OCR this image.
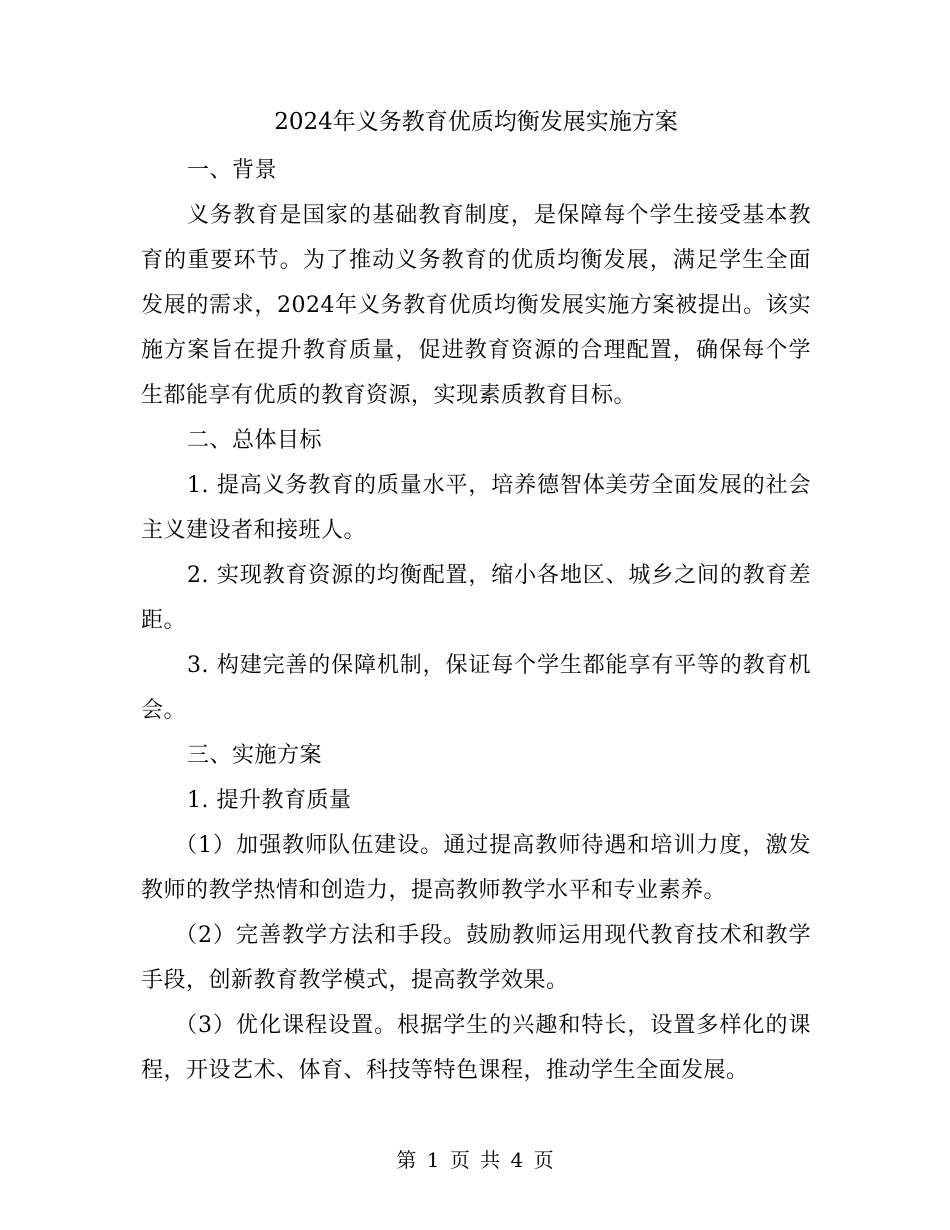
2024年义务教育优质均衡发展实施方案

一、背景

义务教育是国家的基础教育制度，是保障每个学生接受基本教育的重要环节。为了推动义务教育的优质均衡发展，满足学生全面发展的需求，2024年义务教育优质均衡发展实施方案被提出。该实施方案旨在提升教育质量，促进教育资源的合理配置，确保每个学生都能享有优质的教育资源，实现素质教育目标。

二、总体目标

1. 提高义务教育的质量水平，培养德智体美劳全面发展的社会主义建设者和接班人。

2. 实现教育资源的均衡配置，缩小各地区、城乡之间的教育差距。

3. 构建完善的保障机制，保证每个学生都能享有平等的教育机会。

三、实施方案

1. 提升教育质量

（1）加强教师队伍建设。通过提高教师待遇和培训力度，激发教师的教学热情和创造力，提高教师教学水平和专业素养。

（2）完善教学方法和手段。鼓励教师运用现代教育技术和教学手段，创新教育教学模式，提高教学效果。

（3）优化课程设置。根据学生的兴趣和特长，设置多样化的课程，开设艺术、体育、科技等特色课程，推动学生全面发展。

第 1 页 共 4 页
